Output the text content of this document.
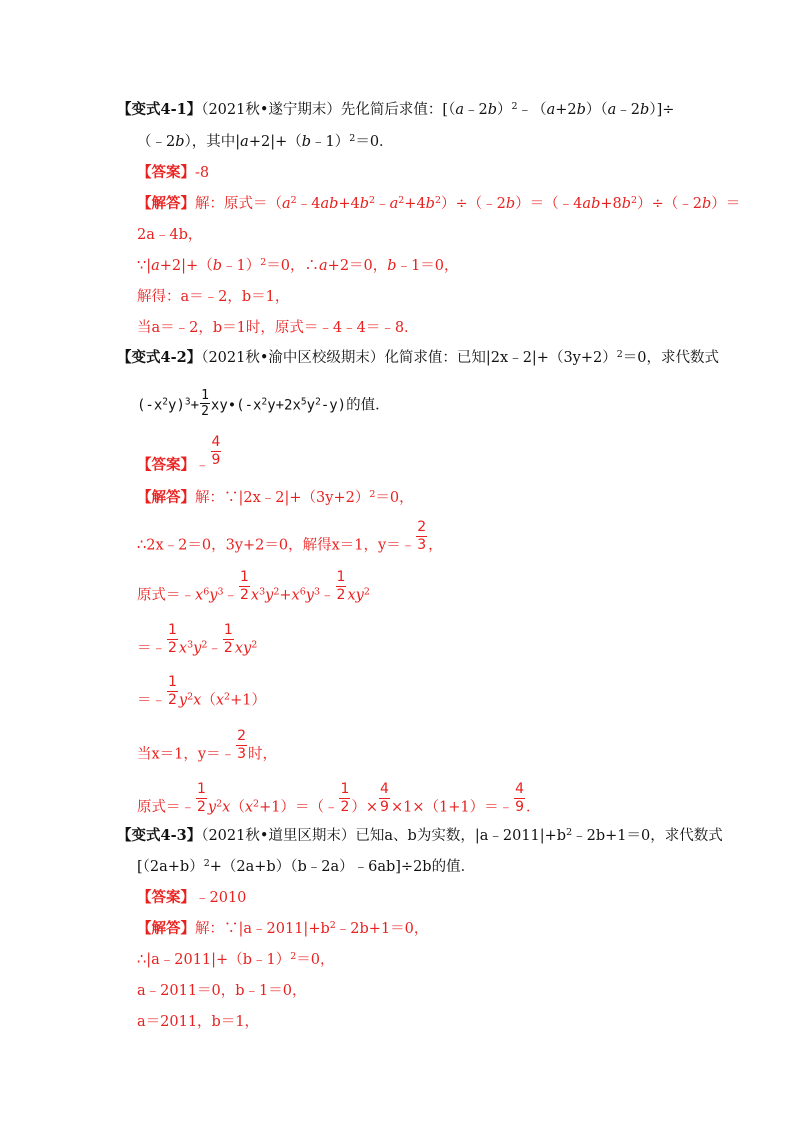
【变式4-1】（2021秋•遂宁期末）先化简后求值：[（a﹣2b）$^2$﹣（a+2b）（a﹣2b）]÷
（﹣2b），其中|a+2|+（b﹣1）$^2$＝0．
【答案】-8
【解答】解：原式$=(a^2﹣4ab+4b^2﹣a^2+4b^2)\div(﹣2b)=(﹣4ab+8b^2)\div(﹣2b)=$
2a﹣4b，
∵|a+2|+（b﹣1）$^2$＝0，∴a+2＝0，b﹣1＝0，
解得：a＝﹣2，b＝1，
当a＝﹣2，b＝1时，原式＝﹣4﹣4＝﹣8．
【变式4-2】（2021秋•渝中区校级期末）化简求值：已知$|2x﹣2|+(3y+2)^2=0$，求代数式
$(-x^2y)^3+ \frac{1}{2}$ $xy•(-x^2y+2x^5y^2-y)$的值．
【答案】﹣ $\frac{4}{9}$
【解答】解：$\because|2x﹣2|+(3y+2)^2=0$，
∴2x﹣2＝0，3y+2＝0，解得x＝1，y＝﹣ $\frac{2}{3}$ ，
原式$=﹣x^6y^3﹣ \frac{1}{2}$ $x^3y^2+x^6y^3﹣ \frac{1}{2} xy^2$
＝﹣ $\frac{1}{2}$ $x^3y^2﹣ \frac{1}{2} xy^2$
＝﹣ $\frac{1}{2} y^2x(x^2+1)$
当x＝1，y＝﹣ $\frac{2}{3}$ 时，
原式＝﹣ $\frac{1}{2}$ $y^2x(x^2+1)=(﹣ \frac{1}{2}$ ）× $\frac{4}{9}$ ×1×（1+1）＝﹣ $\frac{4}{9}$ ．
【变式4-3】（2021秋•道里区期末）已知a、b为实数，$|a﹣2011|+b^2﹣2b+1=0$，求代数式
$[(2a+b)^2+(2a+b)(b﹣2a)﹣6ab]\div 2b$的值．
【答案】﹣2010
【解答】解：$\because|a﹣2011|+b^2﹣2b+1=0$，
∴|a﹣2011|+（b﹣1）$^2$＝0，
a﹣2011＝0，b﹣1＝0，
a＝2011，b＝1，
